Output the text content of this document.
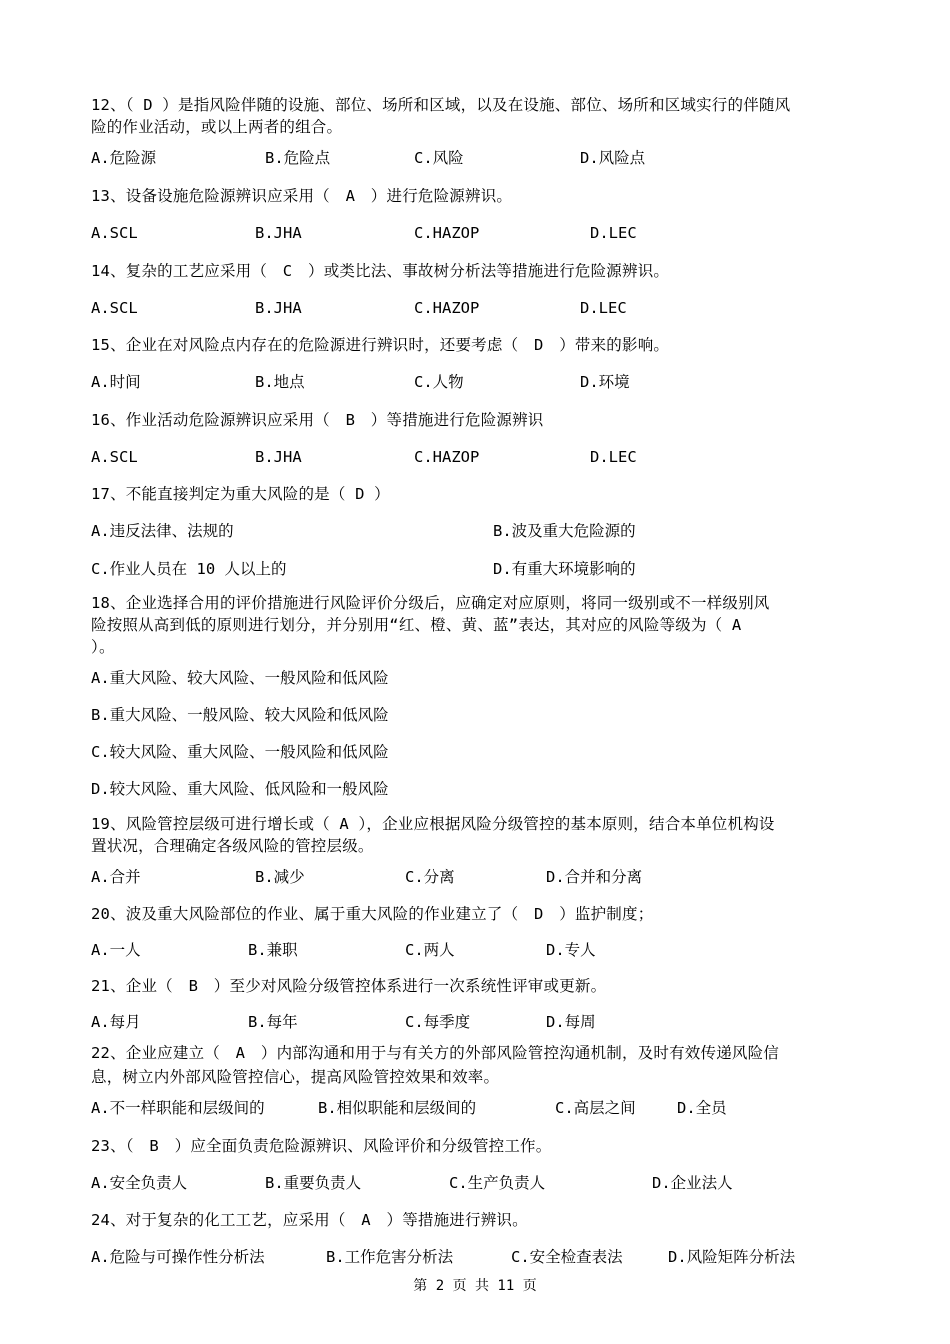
12、（ D ）是指风险伴随的设施、部位、场所和区域，以及在设施、部位、场所和区域实行的伴随风
险的作业活动，或以上两者的组合。
A.危险源	B.危险点	C.风险	D.风险点
13、设备设施危险源辨识应采用（　A　）进行危险源辨识。
A.SCL	B.JHA	C.HAZOP	D.LEC
14、复杂的工艺应采用（　C　）或类比法、事故树分析法等措施进行危险源辨识。
A.SCL	B.JHA	C.HAZOP	D.LEC
15、企业在对风险点内存在的危险源进行辨识时，还要考虑（　D　）带来的影响。
A.时间	B.地点	C.人物	D.环境
16、作业活动危险源辨识应采用（　B　）等措施进行危险源辨识
A.SCL	B.JHA	C.HAZOP	D.LEC
17、不能直接判定为重大风险的是（ D ）
A.违反法律、法规的	B.波及重大危险源的
C.作业人员在 10 人以上的	D.有重大环境影响的
18、企业选择合用的评价措施进行风险评价分级后，应确定对应原则，将同一级别或不一样级别风
险按照从高到低的原则进行划分，并分别用“红、橙、黄、蓝”表达，其对应的风险等级为（ A
）。
A.重大风险、较大风险、一般风险和低风险
B.重大风险、一般风险、较大风险和低风险
C.较大风险、重大风险、一般风险和低风险
D.较大风险、重大风险、低风险和一般风险
19、风险管控层级可进行增长或（ A ），企业应根据风险分级管控的基本原则，结合本单位机构设
置状况，合理确定各级风险的管控层级。
A.合并	B.减少	C.分离	D.合并和分离
20、波及重大风险部位的作业、属于重大风险的作业建立了（　D　）监护制度；
A.一人	B.兼职	C.两人	D.专人
21、企业（　B　）至少对风险分级管控体系进行一次系统性评审或更新。
A.每月	B.每年	C.每季度	D.每周
22、企业应建立（　A　）内部沟通和用于与有关方的外部风险管控沟通机制，及时有效传递风险信
息，树立内外部风险管控信心，提高风险管控效果和效率。
A.不一样职能和层级间的	B.相似职能和层级间的	C.高层之间	D.全员
23、（　B　）应全面负责危险源辨识、风险评价和分级管控工作。
A.安全负责人	B.重要负责人	C.生产负责人	D.企业法人
24、对于复杂的化工工艺，应采用（　A　）等措施进行辨识。
A.危险与可操作性分析法	B.工作危害分析法	C.安全检查表法	D.风险矩阵分析法
第 2 页 共 11 页
